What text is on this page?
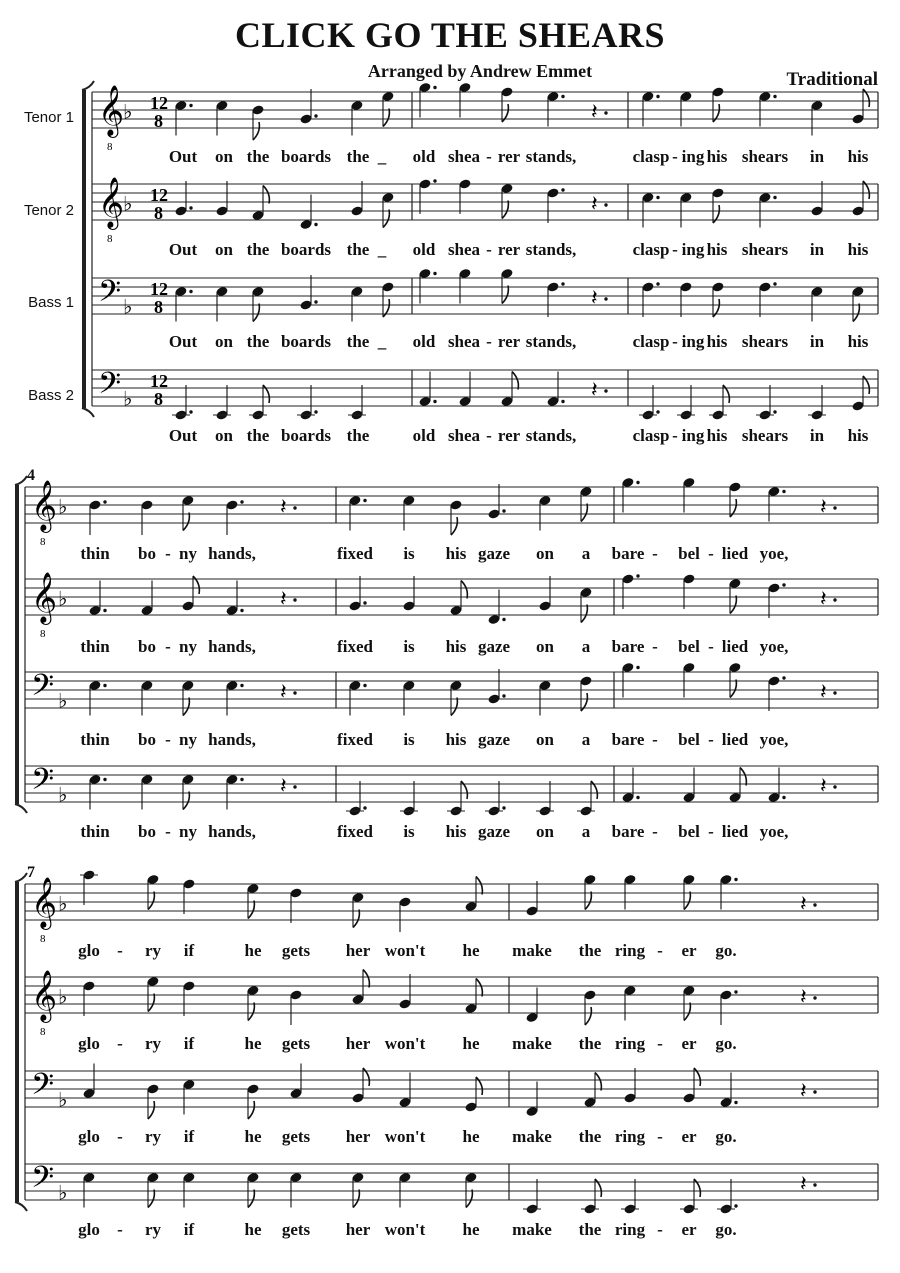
CLICK GO THE SHEARS
Arranged by Andrew Emmet	Traditional
Tenor 1
Tenor 2
Bass 1
Bass 2
4
7
𝄞
8
♭ 12
8
𝄞
8
♭ 12
8
𝄢 ♭
12
8
𝄢 ♭
12
8
𝄞
8
♭
𝄞
8
♭
𝄢 ♭
𝄢 ♭
𝄞
8
♭
𝄞
8
♭
𝄢 ♭
𝄢 ♭
𝄽
𝄽
𝄽
𝄽
𝄽	𝄽
𝄽	𝄽
𝄽	𝄽
𝄽	𝄽
𝄽
𝄽
𝄽
𝄽
Out on the boards the _ old shea - rer stands,	clasp - ing his shears in his
Out on the boards the _ old shea - rer stands,	clasp - ing his shears in his
Out on the boards the _ old shea - rer stands,	clasp - ing his shears in his
Out on the boards the	old shea - rer stands,	clasp - ing his shears in his
thin bo - ny hands,	fixed is his gaze on a bare - bel - lied yoe,
thin bo - ny hands,	fixed is his gaze on a bare - bel - lied yoe,
thin bo - ny hands,	fixed is his gaze on a bare - bel - lied yoe,
thin bo - ny hands,	fixed is his gaze on a bare - bel - lied yoe,
glo - ry if	he gets her won't he make the ring - er go.
glo - ry if	he gets her won't he make the ring - er go.
glo - ry if	he gets her won't he make the ring - er go.
glo - ry if	he gets her won't he make the ring - er go.
